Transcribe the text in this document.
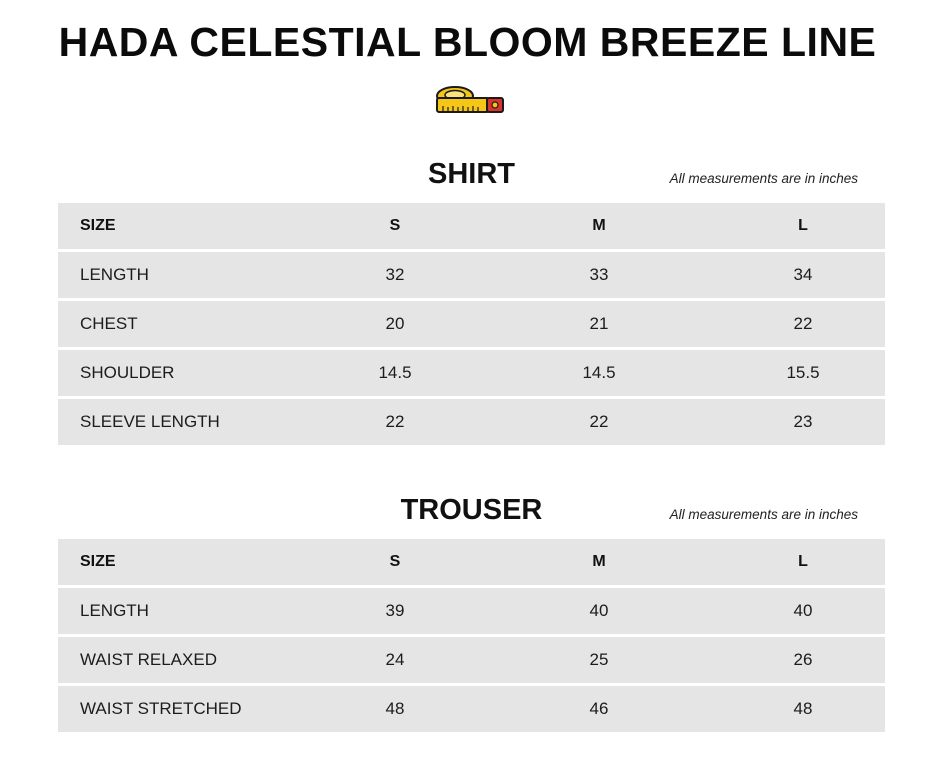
HADA CELESTIAL BLOOM BREEZE LINE
SHIRT	All measurements are in inches
SIZE	S	M	L
LENGTH	32	33	34
CHEST	20	21	22
SHOULDER	14.5	14.5	15.5
SLEEVE LENGTH	22	22	23
TROUSER	All measurements are in inches
SIZE	S	M	L
LENGTH	39	40	40
WAIST RELAXED	24	25	26
WAIST STRETCHED	48	46	48
